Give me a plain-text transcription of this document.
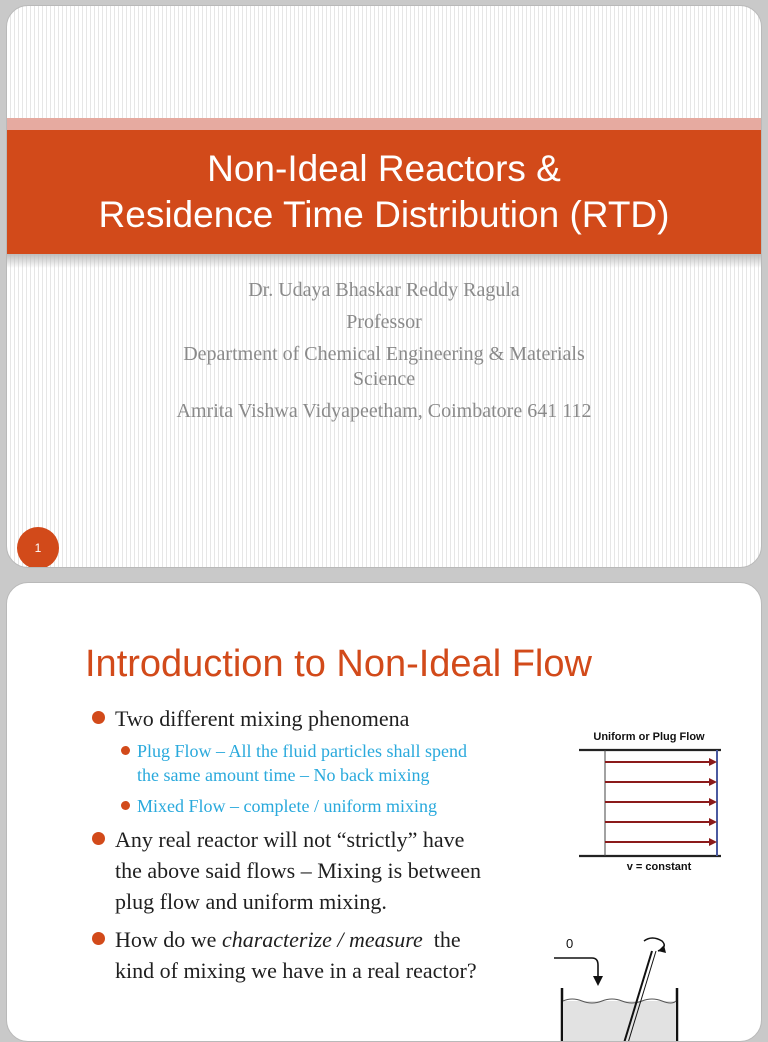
Non-Ideal Reactors &
Residence Time Distribution (RTD)
Dr. Udaya Bhaskar Reddy Ragula
Professor
Department of Chemical Engineering & Materials
Science
Amrita Vishwa Vidyapeetham, Coimbatore 641 112
1
Introduction to Non-Ideal Flow
Two different mixing phenomena
Plug Flow – All the fluid particles shall spend
the same amount time – No back mixing
Mixed Flow – complete / uniform mixing
Any real reactor will not “strictly” have
the above said flows – Mixing is between
plug flow and uniform mixing.
How do we characterize / measure  the
kind of mixing we have in a real reactor?
Uniform or Plug Flow
v = constant
0
